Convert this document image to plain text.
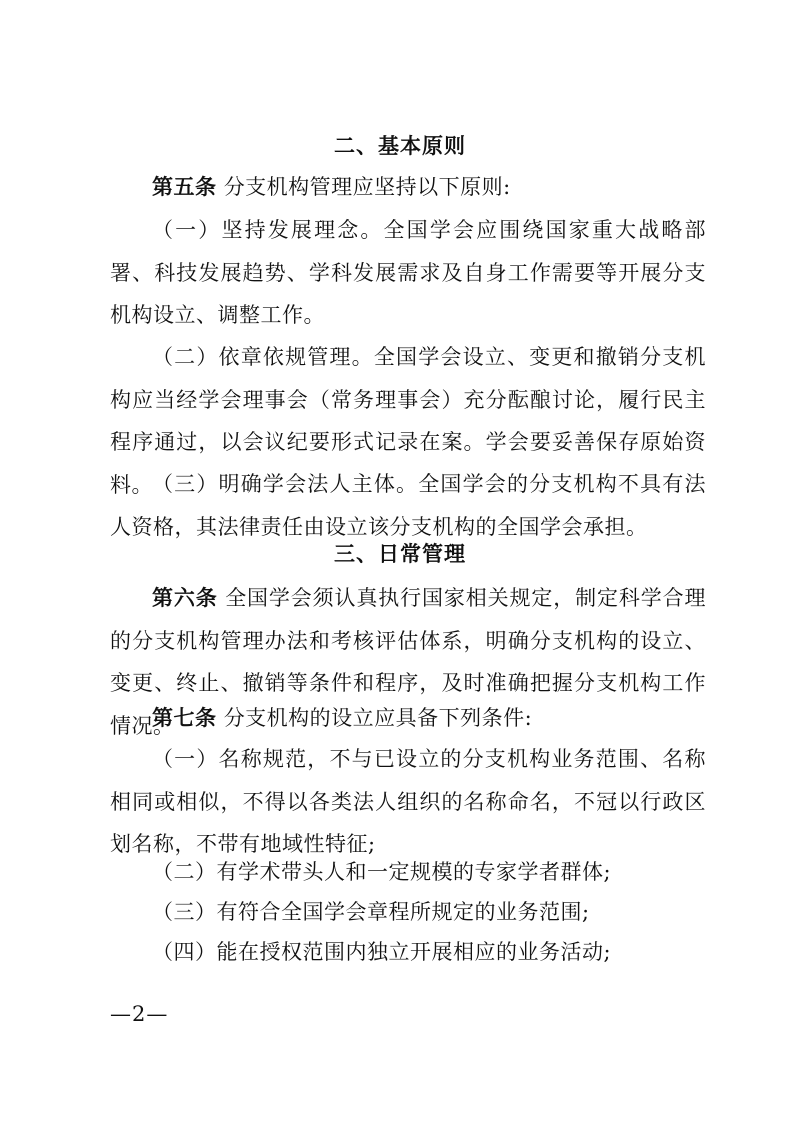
二、基本原则
第五条 分支机构管理应坚持以下原则:
（一）坚持发展理念。全国学会应围绕国家重大战略部署、科技发展趋势、学科发展需求及自身工作需要等开展分支机构设立、调整工作。
（二）依章依规管理。全国学会设立、变更和撤销分支机构应当经学会理事会（常务理事会）充分酝酿讨论，履行民主程序通过，以会议纪要形式记录在案。学会要妥善保存原始资料。 （三）明确学会法人主体。全国学会的分支机构不具有法人资格，其法律责任由设立该分支机构的全国学会承担。
三、日常管理
第六条 全国学会须认真执行国家相关规定，制定科学合理的分支机构管理办法和考核评估体系，明确分支机构的设立、变更、终止、撤销等条件和程序，及时准确把握分支机构工作情况。
第七条 分支机构的设立应具备下列条件:
（一）名称规范，不与已设立的分支机构业务范围、名称相同或相似，不得以各类法人组织的名称命名，不冠以行政区划名称，不带有地域性特征;
（二）有学术带头人和一定规模的专家学者群体;
（三）有符合全国学会章程所规定的业务范围;
（四）能在授权范围内独立开展相应的业务活动;
—2—
